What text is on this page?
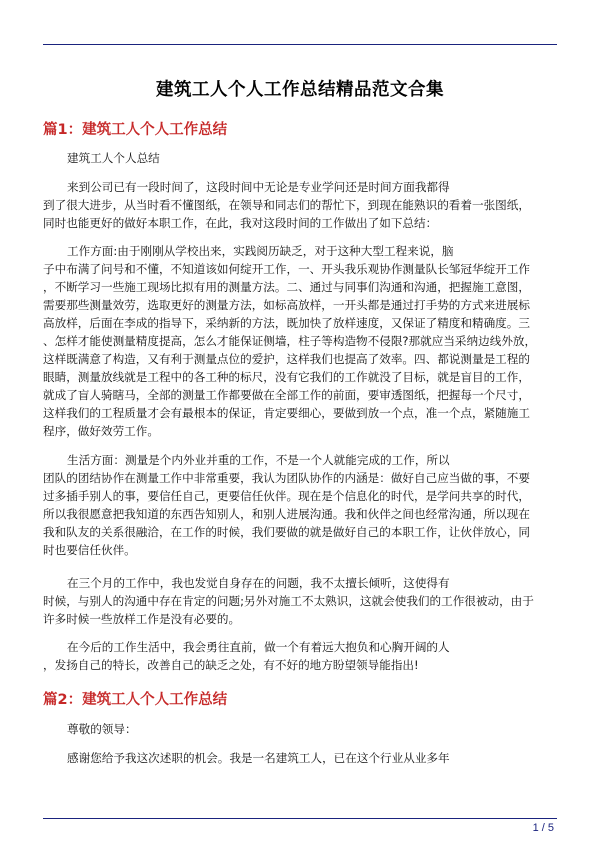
建筑工人个人工作总结精品范文合集
篇1：建筑工人个人工作总结
建筑工人个人总结
来到公司已有一段时间了，这段时间中无论是专业学问还是时间方面我都得
到了很大进步，从当时看不懂图纸，在领导和同志们的帮忙下，到现在能熟识的看着一张图纸，
同时也能更好的做好本职工作，在此，我对这段时间的工作做出了如下总结：
工作方面:由于刚刚从学校出来，实践阅历缺乏，对于这种大型工程来说，脑
子中布满了问号和不懂，不知道该如何绽开工作，一、开头我乐观协作测量队长邹冠华绽开工作
，不断学习一些施工现场比拟有用的测量方法。二、通过与同事们沟通和沟通，把握施工意图，
需要那些测量效劳，选取更好的测量方法，如标高放样，一开头都是通过打手势的方式来进展标
高放样，后面在李成的指导下，采纳新的方法，既加快了放样速度，又保证了精度和精确度。三
、怎样才能使测量精度提高，怎么才能保证侧墙，柱子等构造物不侵限?那就应当采纳边线外放，
这样既满意了构造，又有利于测量点位的爱护，这样我们也提高了效率。四、都说测量是工程的
眼睛，测量放线就是工程中的各工种的标尺，没有它我们的工作就没了目标，就是盲目的工作，
就成了盲人骑瞎马，全部的测量工作都要做在全部工作的前面，要审透图纸，把握每一个尺寸，
这样我们的工程质量才会有最根本的保证，肯定要细心，要做到放一个点，准一个点，紧随施工
程序，做好效劳工作。
生活方面：测量是个内外业并重的工作，不是一个人就能完成的工作，所以
团队的团结协作在测量工作中非常重要，我认为团队协作的内涵是：做好自己应当做的事，不要
过多插手别人的事，要信任自己，更要信任伙伴。现在是个信息化的时代，是学问共享的时代，
所以我很愿意把我知道的东西告知别人，和别人进展沟通。我和伙伴之间也经常沟通，所以现在
我和队友的关系很融洽，在工作的时候，我们要做的就是做好自己的本职工作，让伙伴放心，同
时也要信任伙伴。
在三个月的工作中，我也发觉自身存在的问题，我不太擅长倾听，这使得有
时候，与别人的沟通中存在肯定的问题;另外对施工不太熟识，这就会使我们的工作很被动，由于
许多时候一些放样工作是没有必要的。
在今后的工作生活中，我会勇往直前，做一个有着远大抱负和心胸开阔的人
，发扬自己的特长，改善自己的缺乏之处，有不好的地方盼望领导能指出!
篇2：建筑工人个人工作总结
尊敬的领导：
感谢您给予我这次述职的机会。我是一名建筑工人，已在这个行业从业多年
1 / 5
